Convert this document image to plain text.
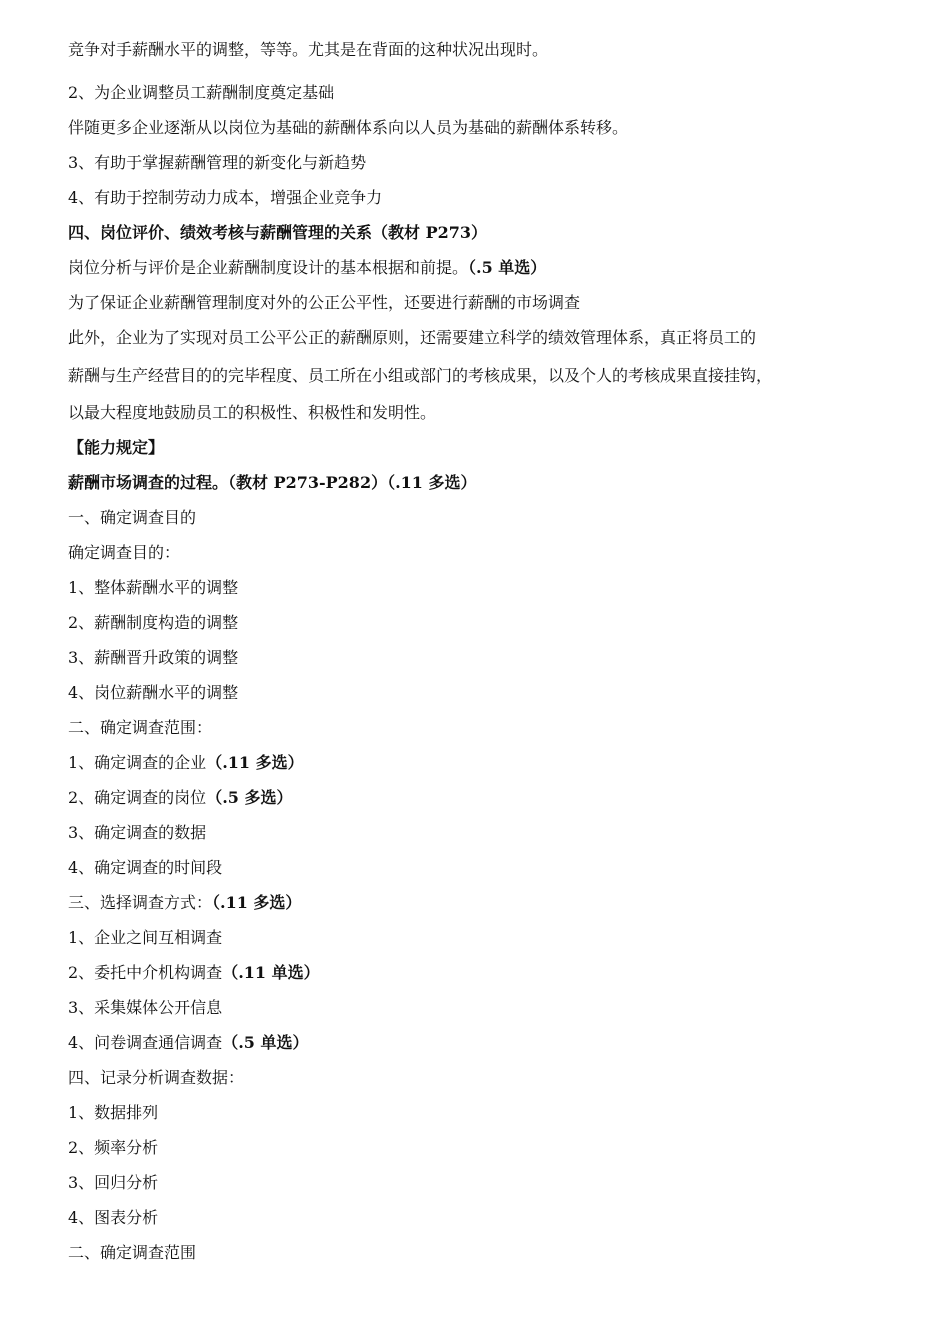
竞争对手薪酬水平的调整，等等。尤其是在背面的这种状况出现时。

2、为企业调整员工薪酬制度奠定基础

伴随更多企业逐渐从以岗位为基础的薪酬体系向以人员为基础的薪酬体系转移。

3、有助于掌握薪酬管理的新变化与新趋势

4、有助于控制劳动力成本，增强企业竞争力

四、岗位评价、绩效考核与薪酬管理的关系（教材 P273）

岗位分析与评价是企业薪酬制度设计的基本根据和前提。（.5 单选）

为了保证企业薪酬管理制度对外的公正公平性，还要进行薪酬的市场调查

此外，企业为了实现对员工公平公正的薪酬原则，还需要建立科学的绩效管理体系，真正将员工的

薪酬与生产经营目的的完毕程度、员工所在小组或部门的考核成果，以及个人的考核成果直接挂钩，

以最大程度地鼓励员工的积极性、积极性和发明性。

【能力规定】

薪酬市场调查的过程。（教材 P273-P282）（.11 多选）

一、确定调查目的

确定调查目的：

1、整体薪酬水平的调整

2、薪酬制度构造的调整

3、薪酬晋升政策的调整

4、岗位薪酬水平的调整

二、确定调查范围：

1、确定调查的企业（.11 多选）

2、确定调查的岗位（.5 多选）

3、确定调查的数据

4、确定调查的时间段

三、选择调查方式：（.11 多选）

1、企业之间互相调查

2、委托中介机构调查（.11 单选）

3、采集媒体公开信息

4、问卷调查通信调查（.5 单选）

四、记录分析调查数据：

1、数据排列

2、频率分析

3、回归分析

4、图表分析

二、确定调查范围
